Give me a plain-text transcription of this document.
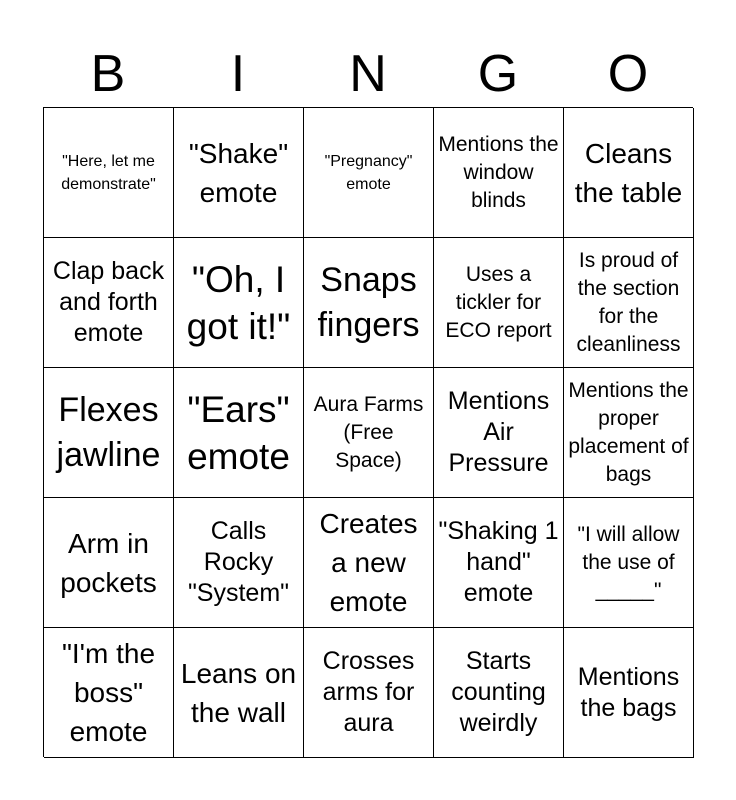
B	I	N	G	O
"Here, let me demonstrate"
"Shake" emote
"Pregnancy" emote
Mentions the window blinds
Cleans the table
Clap back and forth emote
"Oh, I got it!"
Snaps fingers
Uses a tickler for ECO report
Is proud of the section for the cleanliness
Flexes jawline
"Ears" emote
Aura Farms (Free Space)
Mentions Air Pressure
Mentions the proper placement of bags
Arm in pockets
Calls Rocky "System"
Creates a new emote
"Shaking 1 hand" emote
"I will allow the use of _____"
"I'm the boss" emote
Leans on the wall
Crosses arms for aura
Starts counting weirdly
Mentions the bags
